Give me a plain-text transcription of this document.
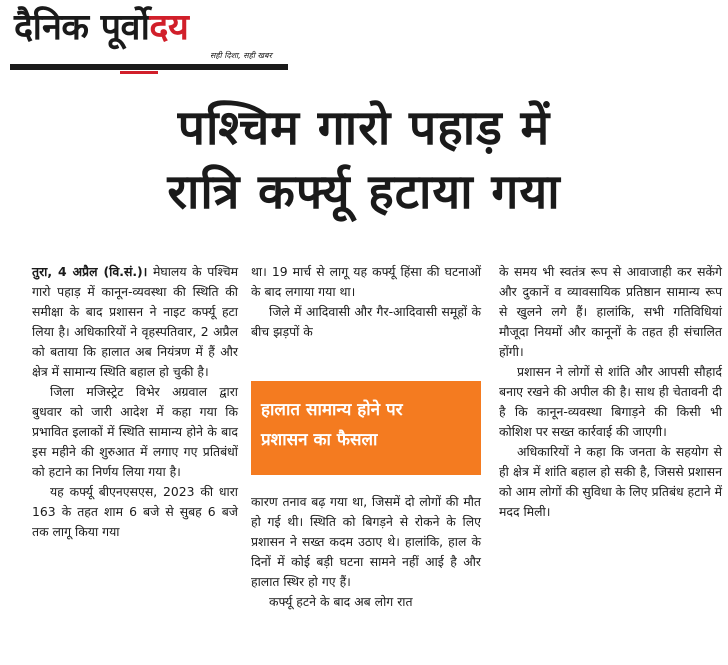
दैनिक पूर्वोदय
सही दिशा, सही खबर
पश्चिम गारो पहाड़ में
रात्रि कर्फ्यू हटाया गया

तुरा, 4 अप्रैल (वि.सं.)। मेघालय के पश्चिम गारो पहाड़ में कानून-व्यवस्था की स्थिति की समीक्षा के बाद प्रशासन ने नाइट कर्फ्यू हटा लिया है। अधिकारियों ने वृहस्पतिवार, 2 अप्रैल को बताया कि हालात अब नियंत्रण में हैं और क्षेत्र में सामान्य स्थिति बहाल हो चुकी है।

जिला मजिस्ट्रेट विभेर अग्रवाल द्वारा बुधवार को जारी आदेश में कहा गया कि प्रभावित इलाकों में स्थिति सामान्य होने के बाद इस महीने की शुरुआत में लगाए गए प्रतिबंधों को हटाने का निर्णय लिया गया है।

यह कर्फ्यू बीएनएसएस, 2023 की धारा 163 के तहत शाम 6 बजे से सुबह 6 बजे तक लागू किया गया

था। 19 मार्च से लागू यह कर्फ्यू हिंसा की घटनाओं के बाद लगाया गया था।

जिले में आदिवासी और गैर-आदिवासी समूहों के बीच झड़पों के

कारण तनाव बढ़ गया था, जिसमें दो लोगों की मौत हो गई थी। स्थिति को बिगड़ने से रोकने के लिए प्रशासन ने सख्त कदम उठाए थे। हालांकि, हाल के दिनों में कोई बड़ी घटना सामने नहीं आई है और हालात स्थिर हो गए हैं।

कर्फ्यू हटने के बाद अब लोग रात

के समय भी स्वतंत्र रूप से आवाजाही कर सकेंगे और दुकानें व व्यावसायिक प्रतिष्ठान सामान्य रूप से खुलने लगे हैं। हालांकि, सभी गतिविधियां मौजूदा नियमों और कानूनों के तहत ही संचालित होंगी।

प्रशासन ने लोगों से शांति और आपसी सौहार्द बनाए रखने की अपील की है। साथ ही चेतावनी दी है कि कानून-व्यवस्था बिगाड़ने की किसी भी कोशिश पर सख्त कार्रवाई की जाएगी।

अधिकारियों ने कहा कि जनता के सहयोग से ही क्षेत्र में शांति बहाल हो सकी है, जिससे प्रशासन को आम लोगों की सुविधा के लिए प्रतिबंध हटाने में मदद मिली।

हालात सामान्य होने पर
प्रशासन का फैसला
